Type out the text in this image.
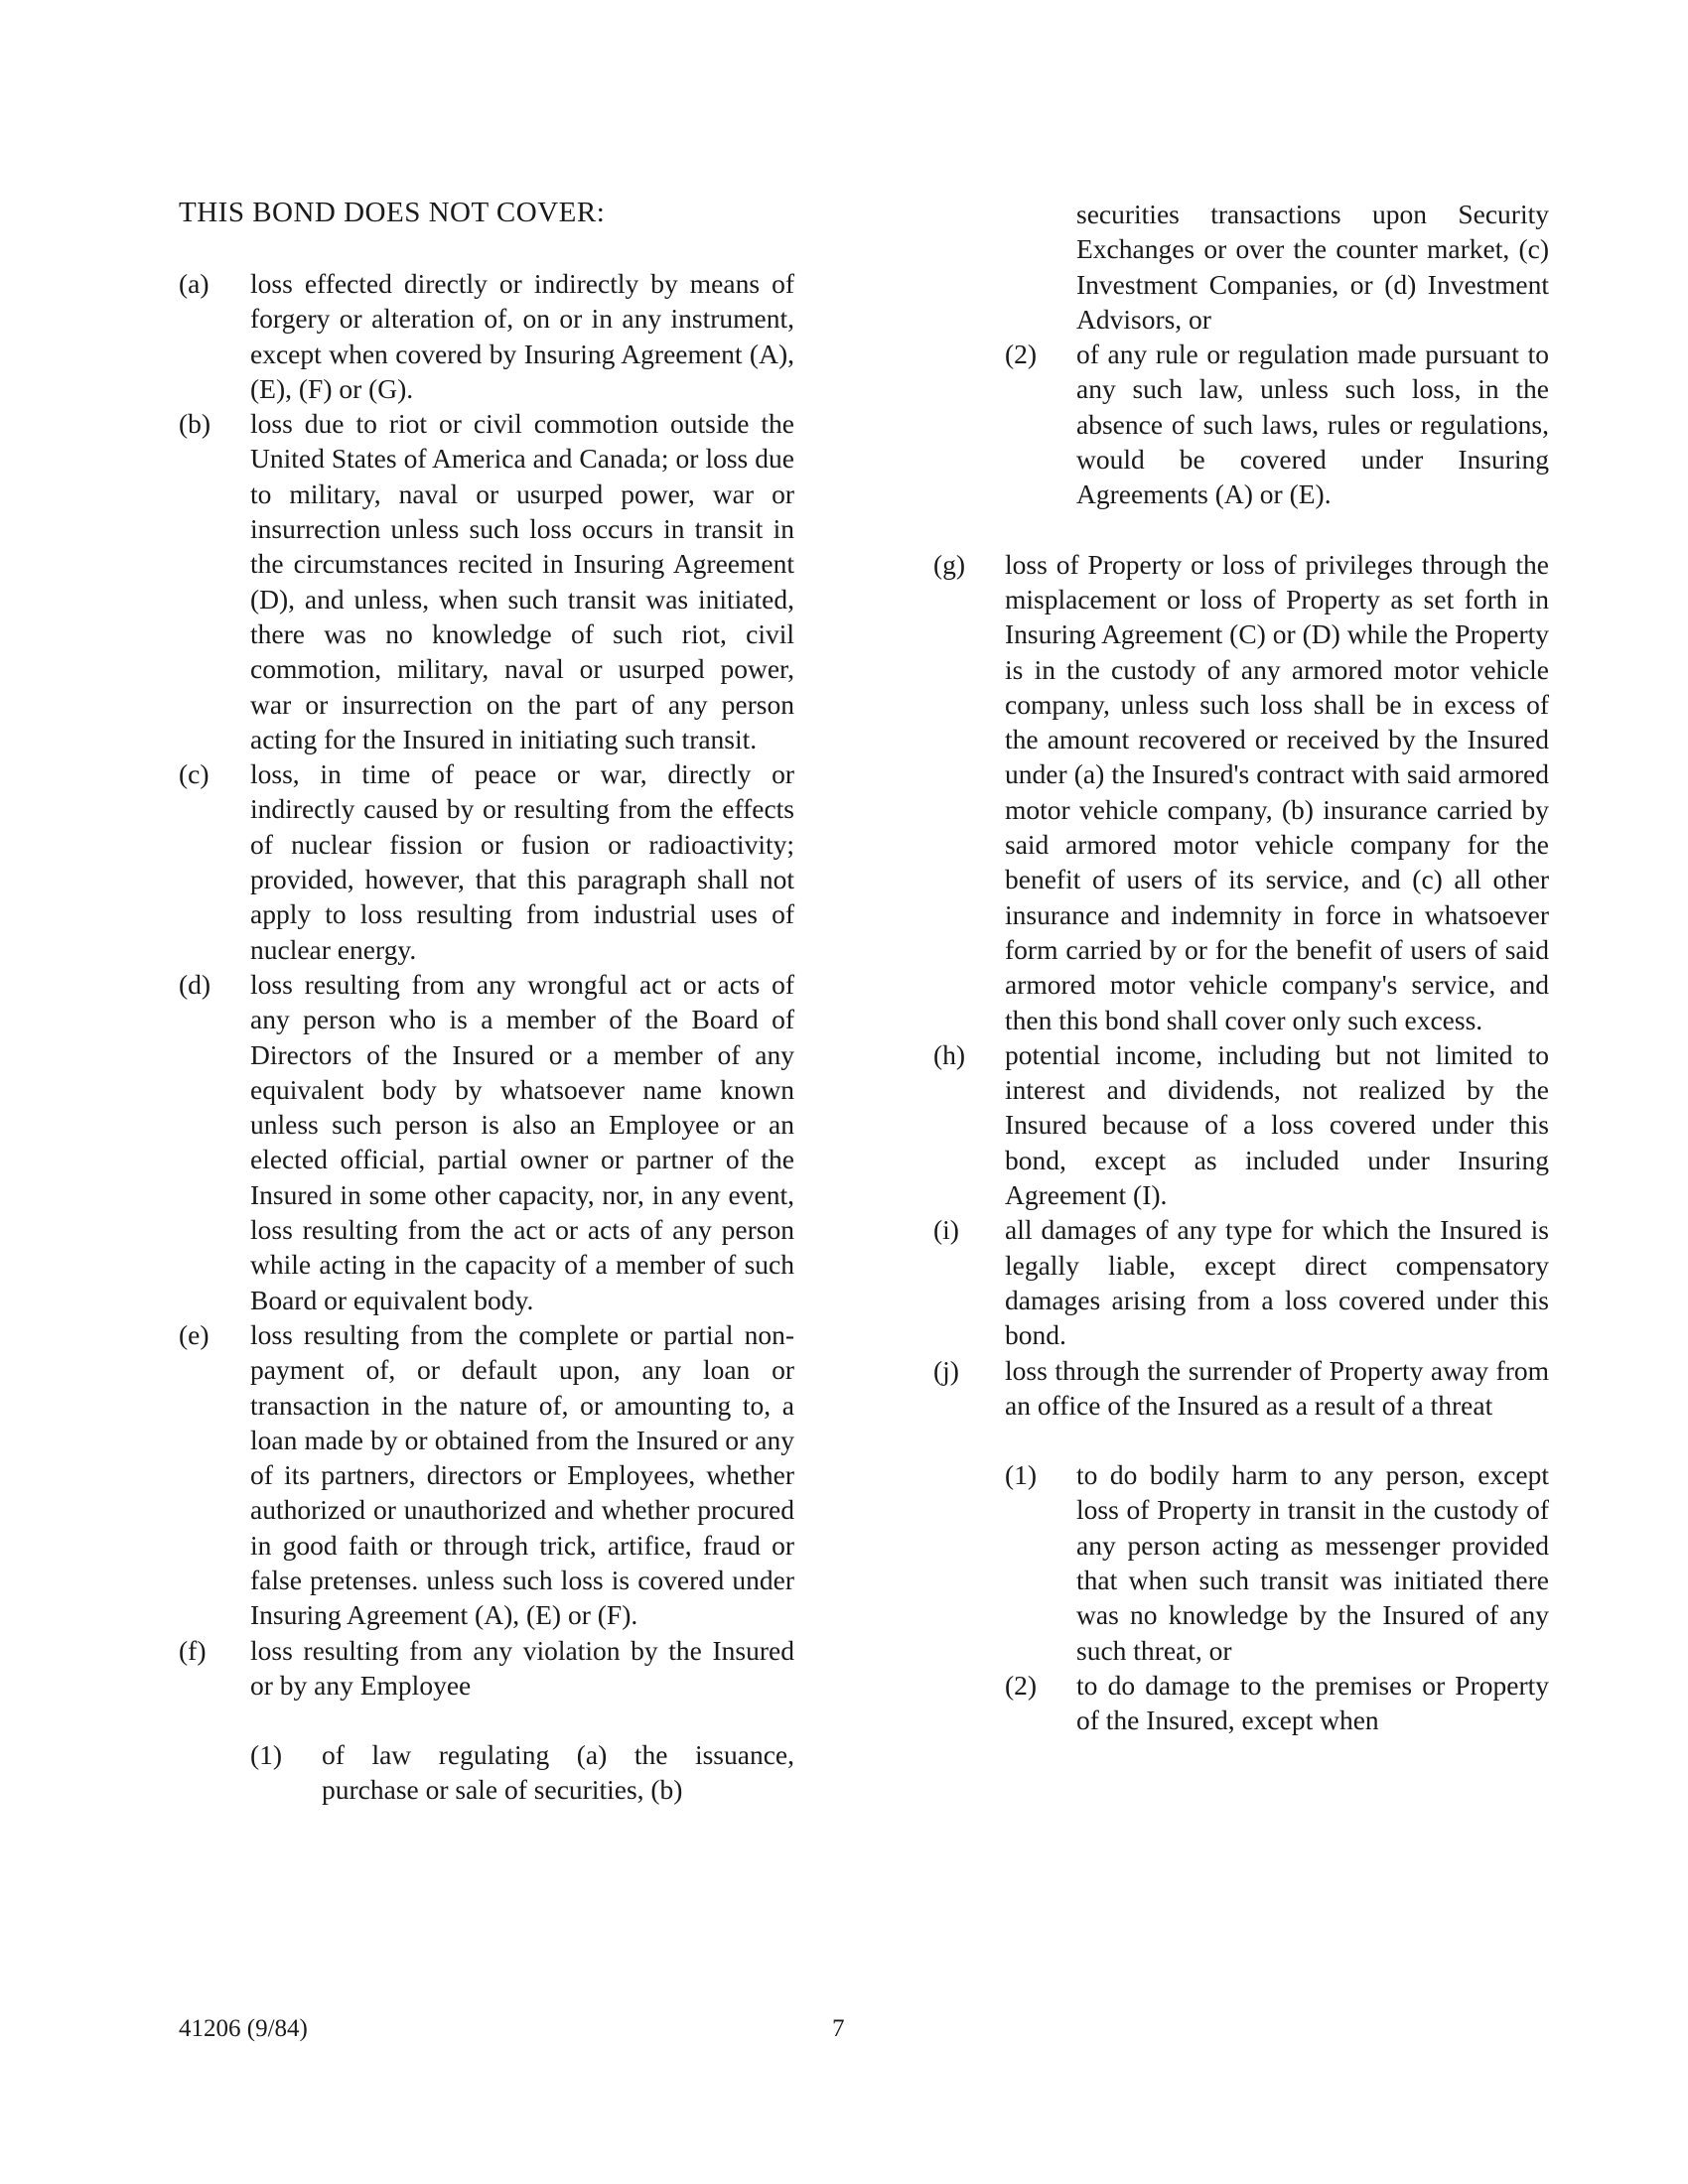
THIS BOND DOES NOT COVER:
(a)	loss effected directly or indirectly by means of forgery or alteration of, on or in any instrument, except when covered by Insuring Agreement (A), (E), (F) or (G).
(b)	loss due to riot or civil commotion outside the United States of America and Canada; or loss due to military, naval or usurped power, war or insurrection unless such loss occurs in transit in the circumstances recited in Insuring Agreement (D), and unless, when such transit was initiated, there was no knowledge of such riot, civil commotion, military, naval or usurped power, war or insurrection on the part of any person acting for the Insured in initiating such transit.
(c)	loss, in time of peace or war, directly or indirectly caused by or resulting from the effects of nuclear fission or fusion or radioactivity; provided, however, that this paragraph shall not apply to loss resulting from industrial uses of nuclear energy.
(d)	loss resulting from any wrongful act or acts of any person who is a member of the Board of Directors of the Insured or a member of any equivalent body by whatsoever name known unless such person is also an Employee or an elected official, partial owner or partner of the Insured in some other capacity, nor, in any event, loss resulting from the act or acts of any person while acting in the capacity of a member of such Board or equivalent body.
(e)	loss resulting from the complete or partial non-payment of, or default upon, any loan or transaction in the nature of, or amounting to, a loan made by or obtained from the Insured or any of its partners, directors or Employees, whether authorized or unauthorized and whether procured in good faith or through trick, artifice, fraud or false pretenses. unless such loss is covered under Insuring Agreement (A), (E) or (F).
(f)	loss resulting from any violation by the Insured or by any Employee
(1)	of law regulating (a) the issuance, purchase or sale of securities, (b)
securities transactions upon Security Exchanges or over the counter market, (c) Investment Companies, or (d) Investment Advisors, or
(2)	of any rule or regulation made pursuant to any such law, unless such loss, in the absence of such laws, rules or regulations, would be covered under Insuring Agreements (A) or (E).
(g)	loss of Property or loss of privileges through the misplacement or loss of Property as set forth in Insuring Agreement (C) or (D) while the Property is in the custody of any armored motor vehicle company, unless such loss shall be in excess of the amount recovered or received by the Insured under (a) the Insured's contract with said armored motor vehicle company, (b) insurance carried by said armored motor vehicle company for the benefit of users of its service, and (c) all other insurance and indemnity in force in whatsoever form carried by or for the benefit of users of said armored motor vehicle company's service, and then this bond shall cover only such excess.
(h)	potential income, including but not limited to interest and dividends, not realized by the Insured because of a loss covered under this bond, except as included under Insuring Agreement (I).
(i)	all damages of any type for which the Insured is legally liable, except direct compensatory damages arising from a loss covered under this bond.
(j)	loss through the surrender of Property away from an office of the Insured as a result of a threat
(1)	to do bodily harm to any person, except loss of Property in transit in the custody of any person acting as messenger provided that when such transit was initiated there was no knowledge by the Insured of any such threat, or
(2)	to do damage to the premises or Property of the Insured, except when
41206 (9/84)	7
